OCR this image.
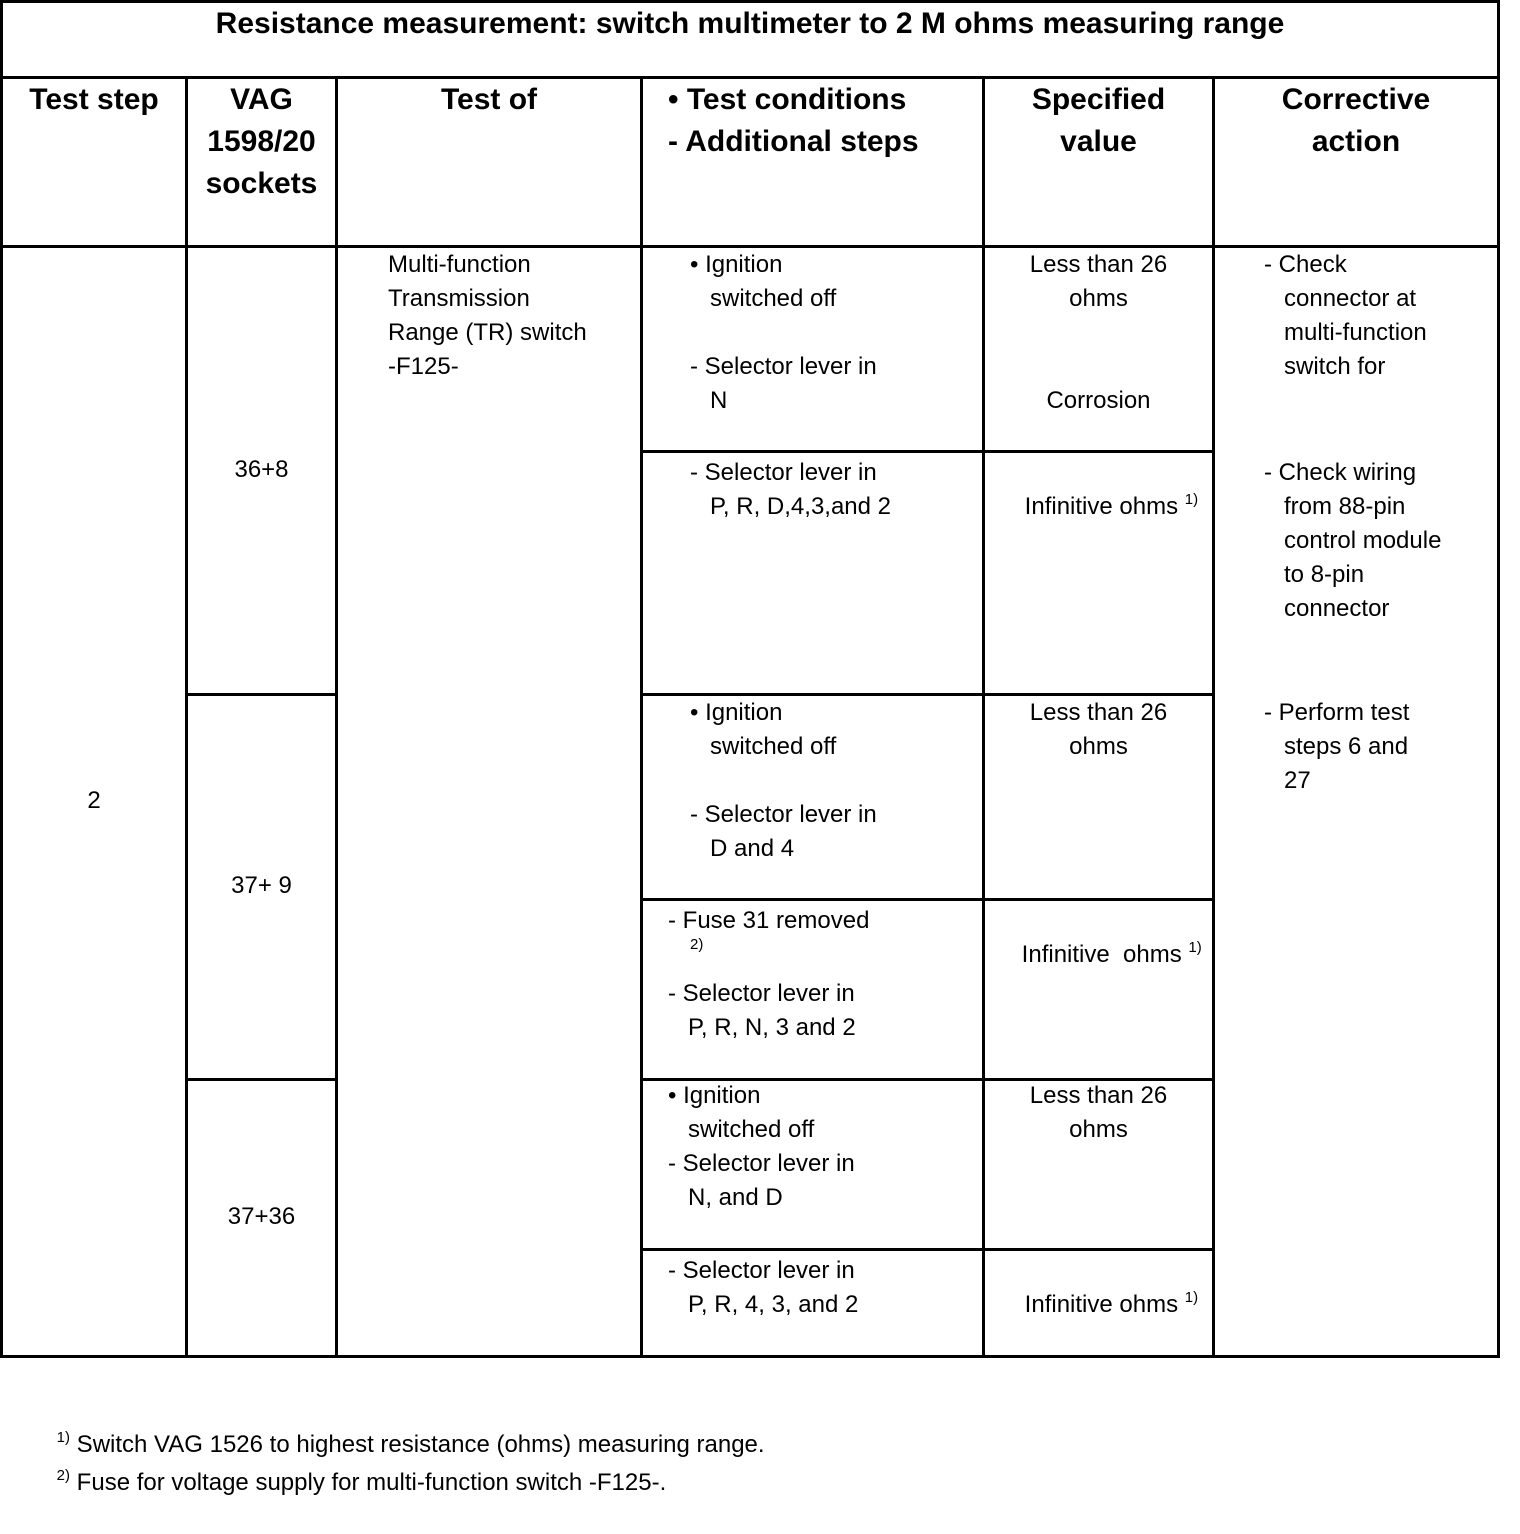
Resistance measurement: switch multimeter to 2 M ohms measuring range
Test step	VAG
1598/20
sockets
Test of	• Test conditions
- Additional steps
Specified
value
Corrective
action
2
36+8
37+ 9
37+36
Multi-function
Transmission
Range (TR) switch
-F125-
• Ignition
switched off

- Selector lever in
N
- Selector lever in
P, R, D,4,3,and 2
• Ignition
switched off

- Selector lever in
D and 4
- Fuse 31 removed
2)
- Selector lever in
P, R, N, 3 and 2
• Ignition
switched off
- Selector lever in
N, and D
- Selector lever in
P, R, 4, 3, and 2
Less than 26
ohms

Corrosion

Infinitive ohms $^{1)}$

Less than 26
ohms

Infinitive  ohms $^{1)}$

Less than 26
ohms

Infinitive ohms $^{1)}$

- Check
connector at
multi-function
switch for
- Check wiring
from 88-pin
control module
to 8-pin
connector
- Perform test
steps 6 and
27

$^{1)}$ Switch VAG 1526 to highest resistance (ohms) measuring range.

$^{2)}$ Fuse for voltage supply for multi-function switch -F125-.
